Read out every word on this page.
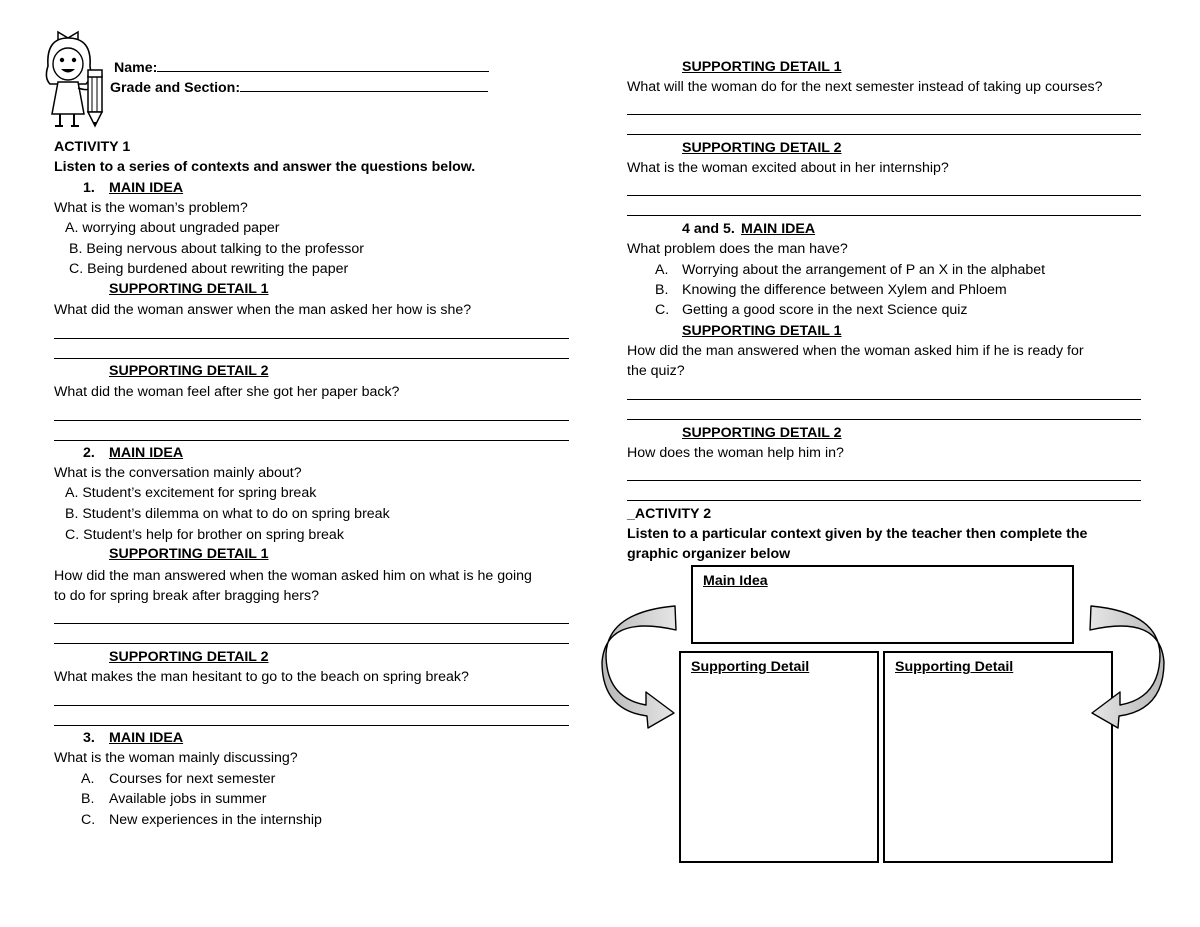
Name:
Grade and Section:
ACTIVITY 1
Listen to a series of contexts and answer the questions below.
1. MAIN IDEA
What is the woman’s problem?
A. worrying about ungraded paper
B. Being nervous about talking to the professor
C. Being burdened about rewriting the paper
SUPPORTING DETAIL 1
What did the woman answer when the man asked her how is she?
SUPPORTING DETAIL 2
What did the woman feel after she got her paper back?
2. MAIN IDEA
What is the conversation mainly about?
A. Student’s excitement for spring break
B. Student’s dilemma on what to do on spring break
C. Student’s help for brother on spring break
SUPPORTING DETAIL 1
How did the man answered when the woman asked him on what is he going
to do for spring break after bragging hers?
SUPPORTING DETAIL 2
What makes the man hesitant to go to the beach on spring break?
3. MAIN IDEA
What is the woman mainly discussing?
A. Courses for next semester
B. Available jobs in summer
C. New experiences in the internship
SUPPORTING DETAIL 1
What will the woman do for the next semester instead of taking up courses?
SUPPORTING DETAIL 2
What is the woman excited about in her internship?
4 and 5. MAIN IDEA
What problem does the man have?
A. Worrying about the arrangement of P an X in the alphabet
B. Knowing the difference between Xylem and Phloem
C. Getting a good score in the next Science quiz
SUPPORTING DETAIL 1
How did the man answered when the woman asked him if he is ready for
the quiz?
SUPPORTING DETAIL 2
How does the woman help him in?
_ACTIVITY 2
Listen to a particular context given by the teacher then complete the
graphic organizer below
Main Idea
Supporting Detail	Supporting Detail
